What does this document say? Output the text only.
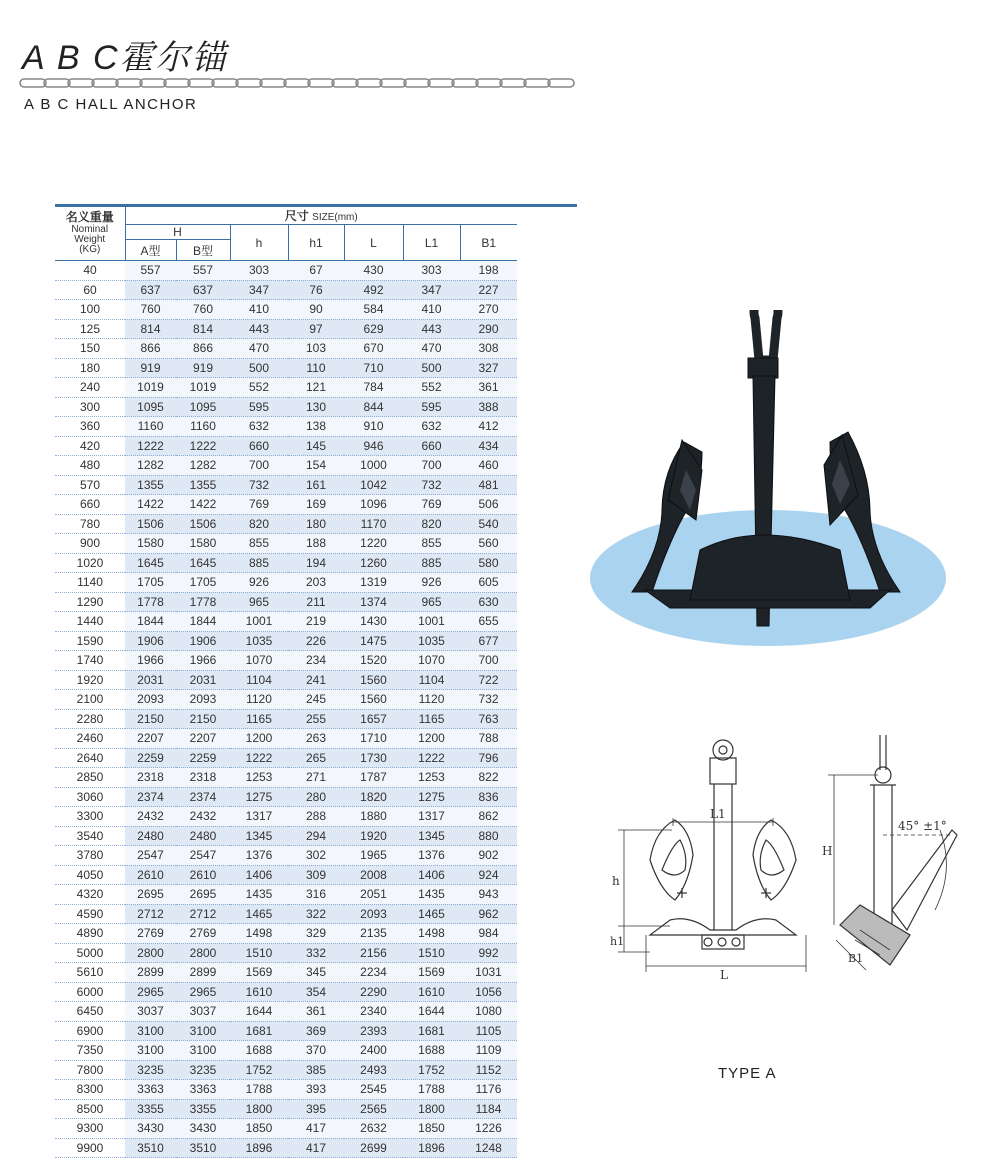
A B C霍尔锚
A B C HALL ANCHOR
名义重量
Nominal
Weight
(KG)	尺寸 SIZE(mm)						
	H		h	h1	L	L1	B1
	A型	B型					
40	557	557	303	67	430	303	198
60	637	637	347	76	492	347	227
100	760	760	410	90	584	410	270
125	814	814	443	97	629	443	290
150	866	866	470	103	670	470	308
180	919	919	500	110	710	500	327
240	1019	1019	552	121	784	552	361
300	1095	1095	595	130	844	595	388
360	1160	1160	632	138	910	632	412
420	1222	1222	660	145	946	660	434
480	1282	1282	700	154	1000	700	460
570	1355	1355	732	161	1042	732	481
660	1422	1422	769	169	1096	769	506
780	1506	1506	820	180	1170	820	540
900	1580	1580	855	188	1220	855	560
1020	1645	1645	885	194	1260	885	580
1140	1705	1705	926	203	1319	926	605
1290	1778	1778	965	211	1374	965	630
1440	1844	1844	1001	219	1430	1001	655
1590	1906	1906	1035	226	1475	1035	677
1740	1966	1966	1070	234	1520	1070	700
1920	2031	2031	1104	241	1560	1104	722
2100	2093	2093	1120	245	1560	1120	732
2280	2150	2150	1165	255	1657	1165	763
2460	2207	2207	1200	263	1710	1200	788
2640	2259	2259	1222	265	1730	1222	796
2850	2318	2318	1253	271	1787	1253	822
3060	2374	2374	1275	280	1820	1275	836
3300	2432	2432	1317	288	1880	1317	862
3540	2480	2480	1345	294	1920	1345	880
3780	2547	2547	1376	302	1965	1376	902
4050	2610	2610	1406	309	2008	1406	924
4320	2695	2695	1435	316	2051	1435	943
4590	2712	2712	1465	322	2093	1465	962
4890	2769	2769	1498	329	2135	1498	984
5000	2800	2800	1510	332	2156	1510	992
5610	2899	2899	1569	345	2234	1569	1031
6000	2965	2965	1610	354	2290	1610	1056
6450	3037	3037	1644	361	2340	1644	1080
6900	3100	3100	1681	369	2393	1681	1105
7350	3100	3100	1688	370	2400	1688	1109
7800	3235	3235	1752	385	2493	1752	1152
8300	3363	3363	1788	393	2545	1788	1176
8500	3355	3355	1800	395	2565	1800	1184
9300	3430	3430	1850	417	2632	1850	1226
9900	3510	3510	1896	417	2699	1896	1248
L1
h
h1
L
H
45° ±1°
B1
TYPE A
